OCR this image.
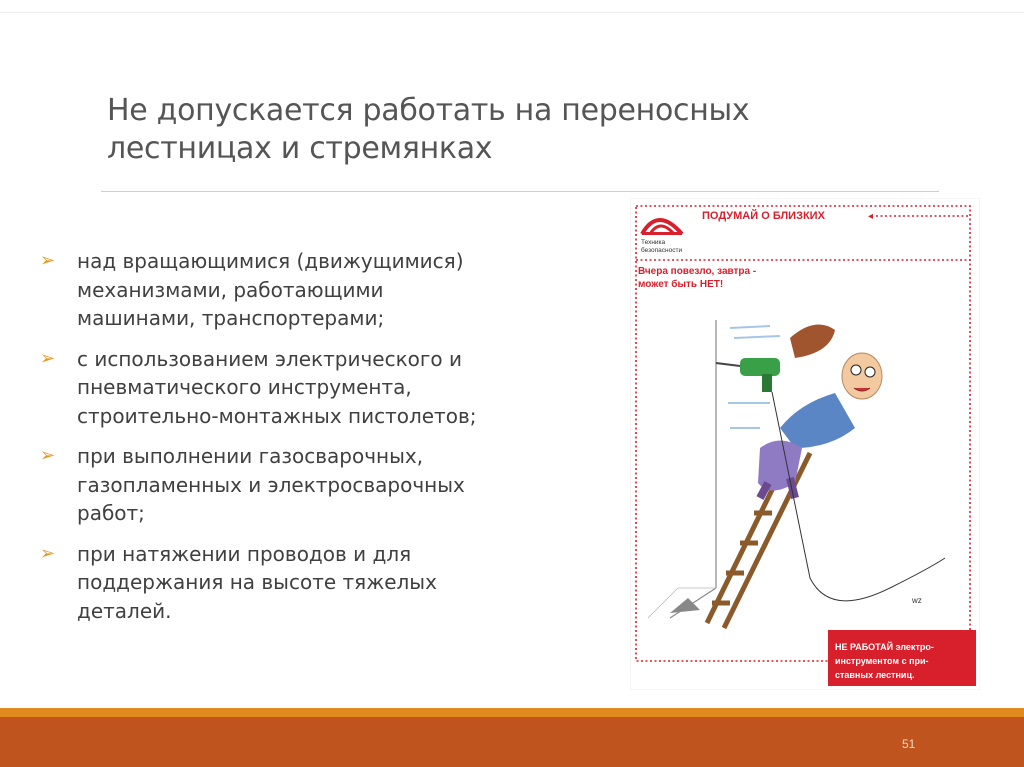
Не допускается работать на переносных
лестницах и стремянках
➢ над вращающимися (движущимися)
механизмами, работающими
машинами, транспортерами;
➢ с использованием электрического и
пневматического инструмента,
строительно-монтажных пистолетов;
➢ при выполнении газосварочных,
газопламенных и электросварочных
работ;
➢ при натяжении проводов и для
поддержания на высоте тяжелых
деталей.
Техника
безопасности
ПОДУМАЙ О БЛИЗКИХ	◂
Вчера повезло, завтра -
может быть НЕТ!
wz
НЕ РАБОТАЙ электро-
инструментом с при-
ставных лестниц.
51
